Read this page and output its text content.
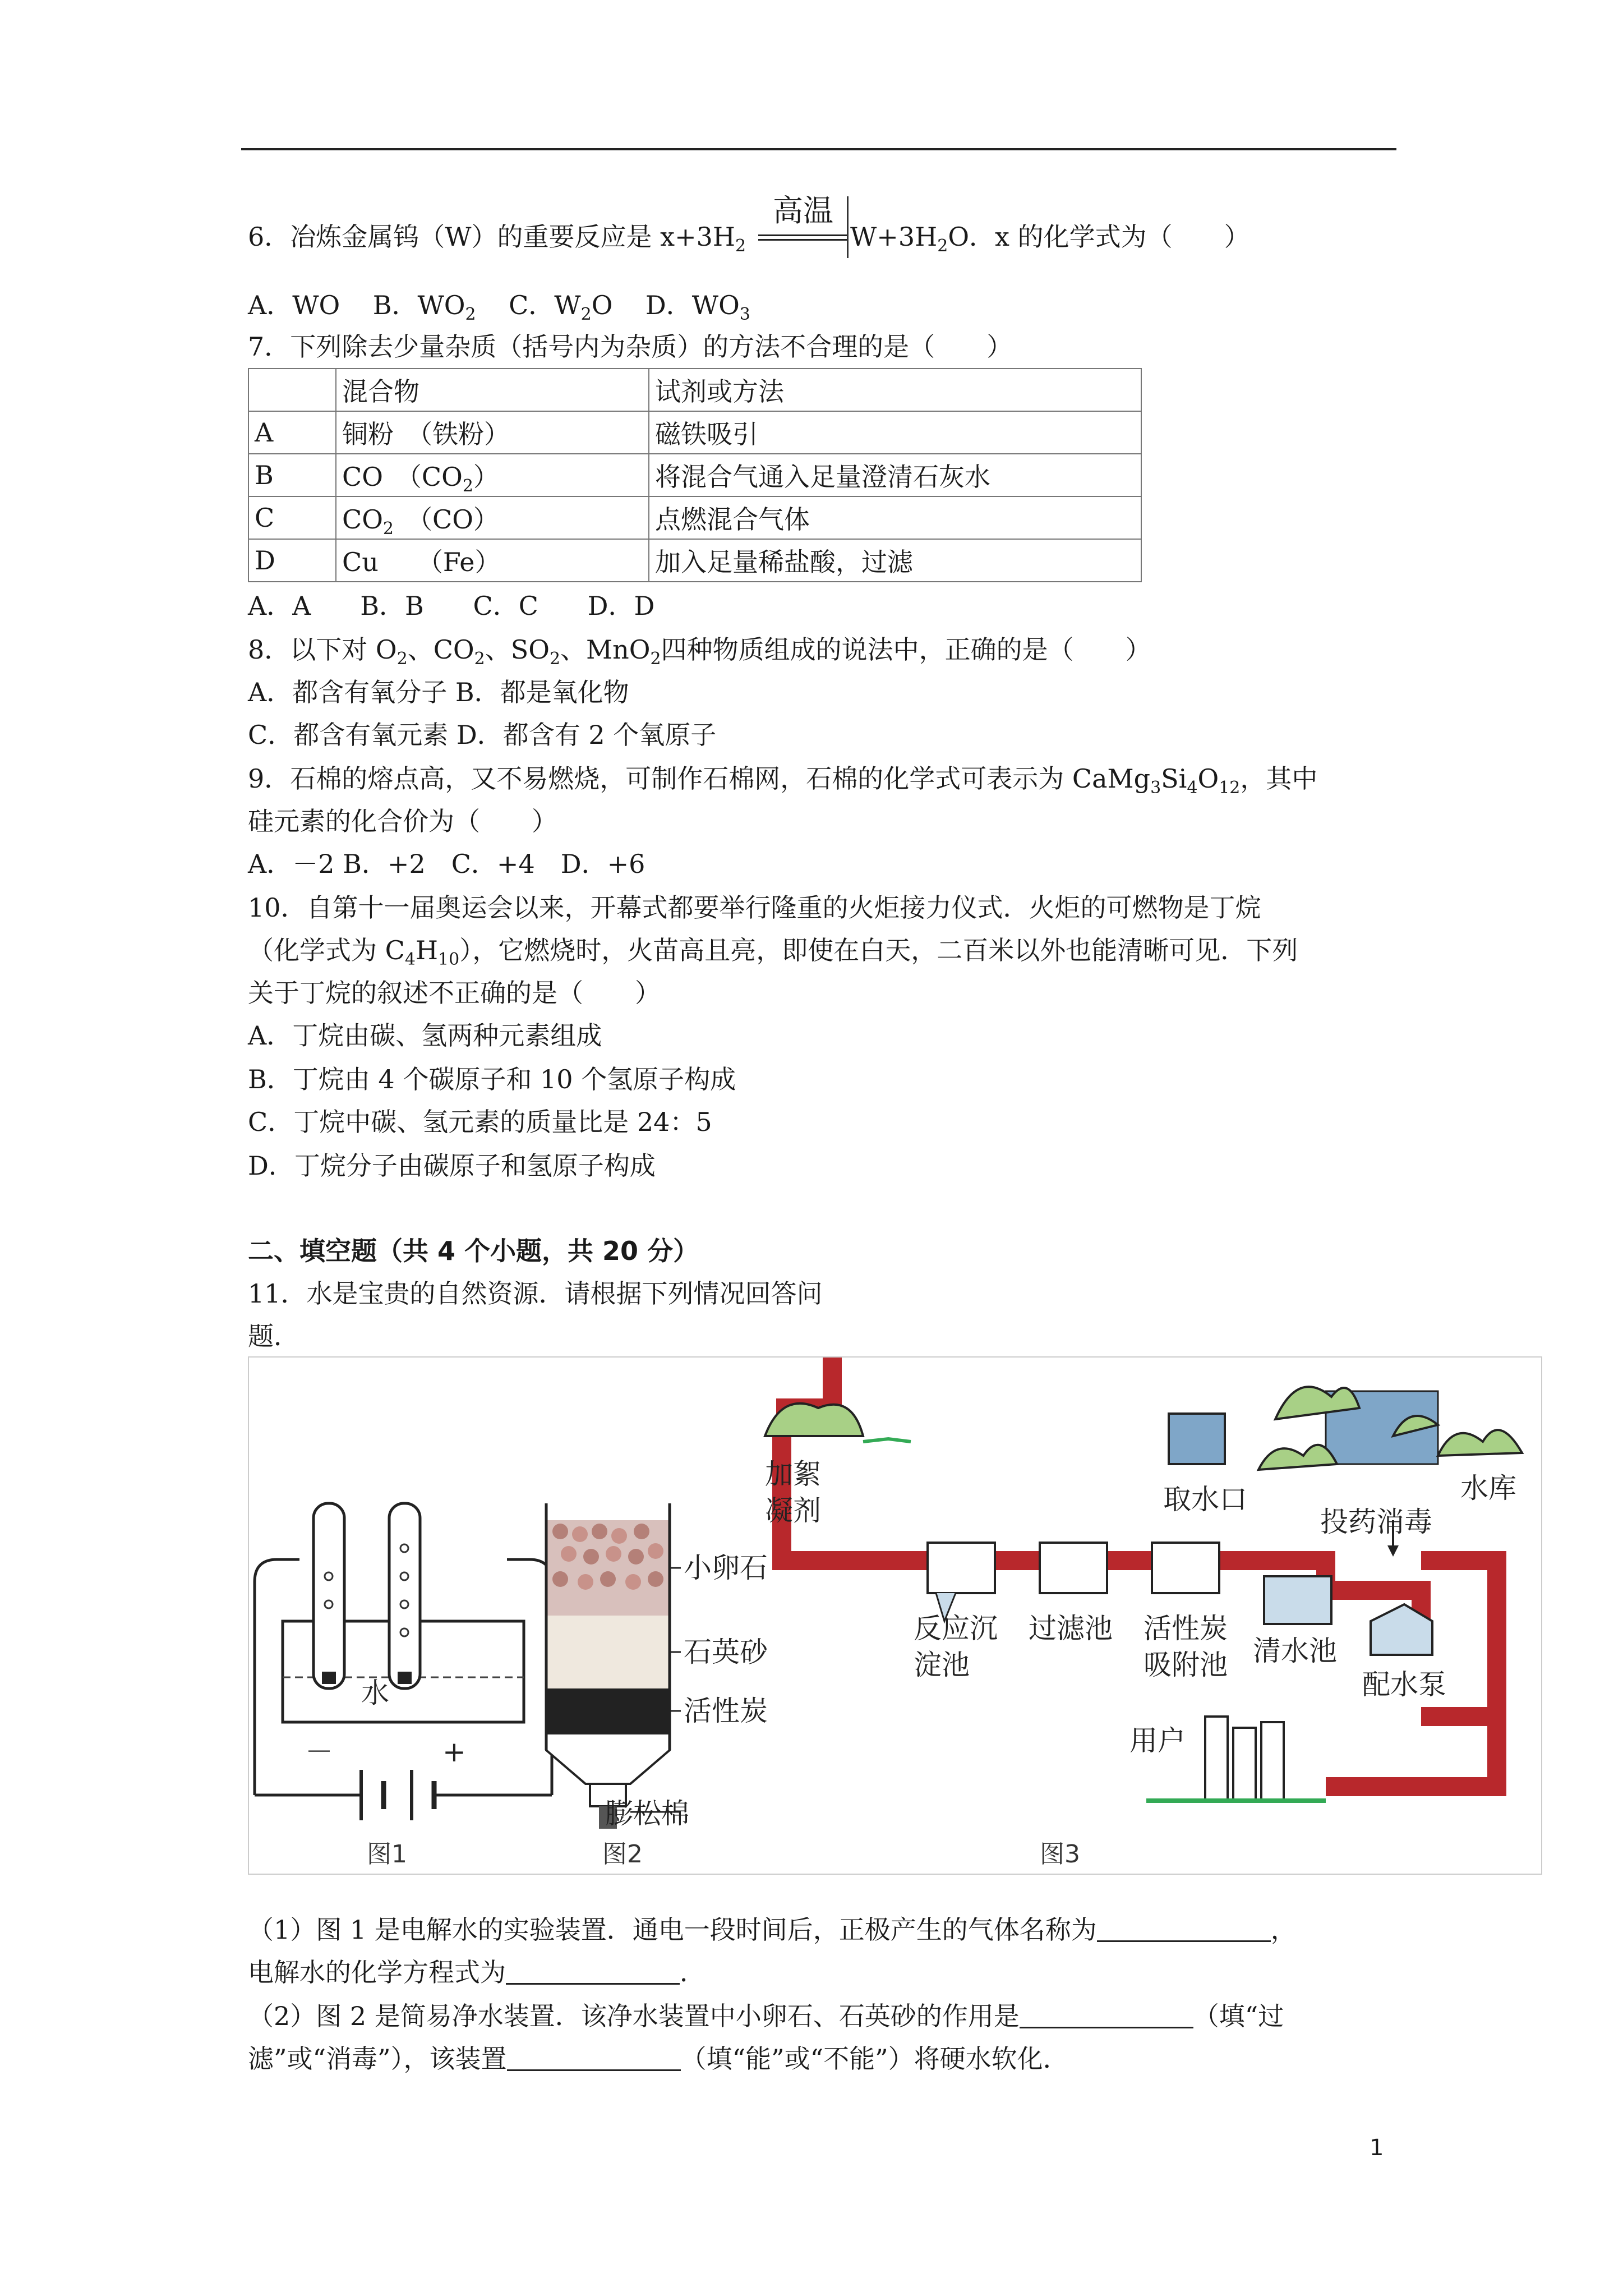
6．冶炼金属钨（W）的重要反应是 $x+3H_2$
高温
$W+3H_2O$．x 的化学式为（　　）
A．WO B．$WO_2$ C．$W_2O$ D．$WO_3$
7．下列除去少量杂质（括号内为杂质）的方法不合理的是（　　）
	混合物	试剂或方法
A	铜粉　（铁粉）	磁铁吸引
B	CO　$(CO_2)$	将混合气通入足量澄清石灰水
C	$CO_2$　（CO）	点燃混合气体
D	Cu　　（Fe）	加入足量稀盐酸，过滤
A．A B．B C．C D．D
8．以下对 $O_2$、$CO_2$、$SO_2$、MnO$_2$四种物质组成的说法中，正确的是（　　）
A．都含有氧分子 B．都是氧化物
C．都含有氧元素 D．都含有 2 个氧原子
9．石棉的熔点高，又不易燃烧，可制作石棉网，石棉的化学式可表示为 $CaMg_3Si_4O_{12}$，其中
硅元素的化合价为（　　）
A．－2 B．+2　C．+4　D．+6
10．自第十一届奥运会以来，开幕式都要举行隆重的火炬接力仪式．火炬的可燃物是丁烷
（化学式为 $C_4H_{10}$），它燃烧时，火苗高且亮，即使在白天，二百米以外也能清晰可见．下列
关于丁烷的叙述不正确的是（　　）
A．丁烷由碳、氢两种元素组成
B．丁烷由 4 个碳原子和 10 个氢原子构成
C．丁烷中碳、氢元素的质量比是 24：5
D．丁烷分子由碳原子和氢原子构成
二、填空题（共 4 个小题，共 20 分）
11．水是宝贵的自然资源．请根据下列情况回答问
题．
水
－	+
图1
小卵石
石英砂
活性炭
膨松棉
图2
取水口	水库
加絮
凝剂	投药消毒
反应沉
淀池
过滤池 活性炭
吸附池 清水池
配水泵
用户
图3
（1）图 1 是电解水的实验装置．通电一段时间后，正极产生的气体名称为	，
电解水的化学方程式为	．
（2）图 2 是简易净水装置．该净水装置中小卵石、石英砂的作用是	（填“过
滤”或“消毒”），该装置	（填“能”或“不能”）将硬水软化．
1
